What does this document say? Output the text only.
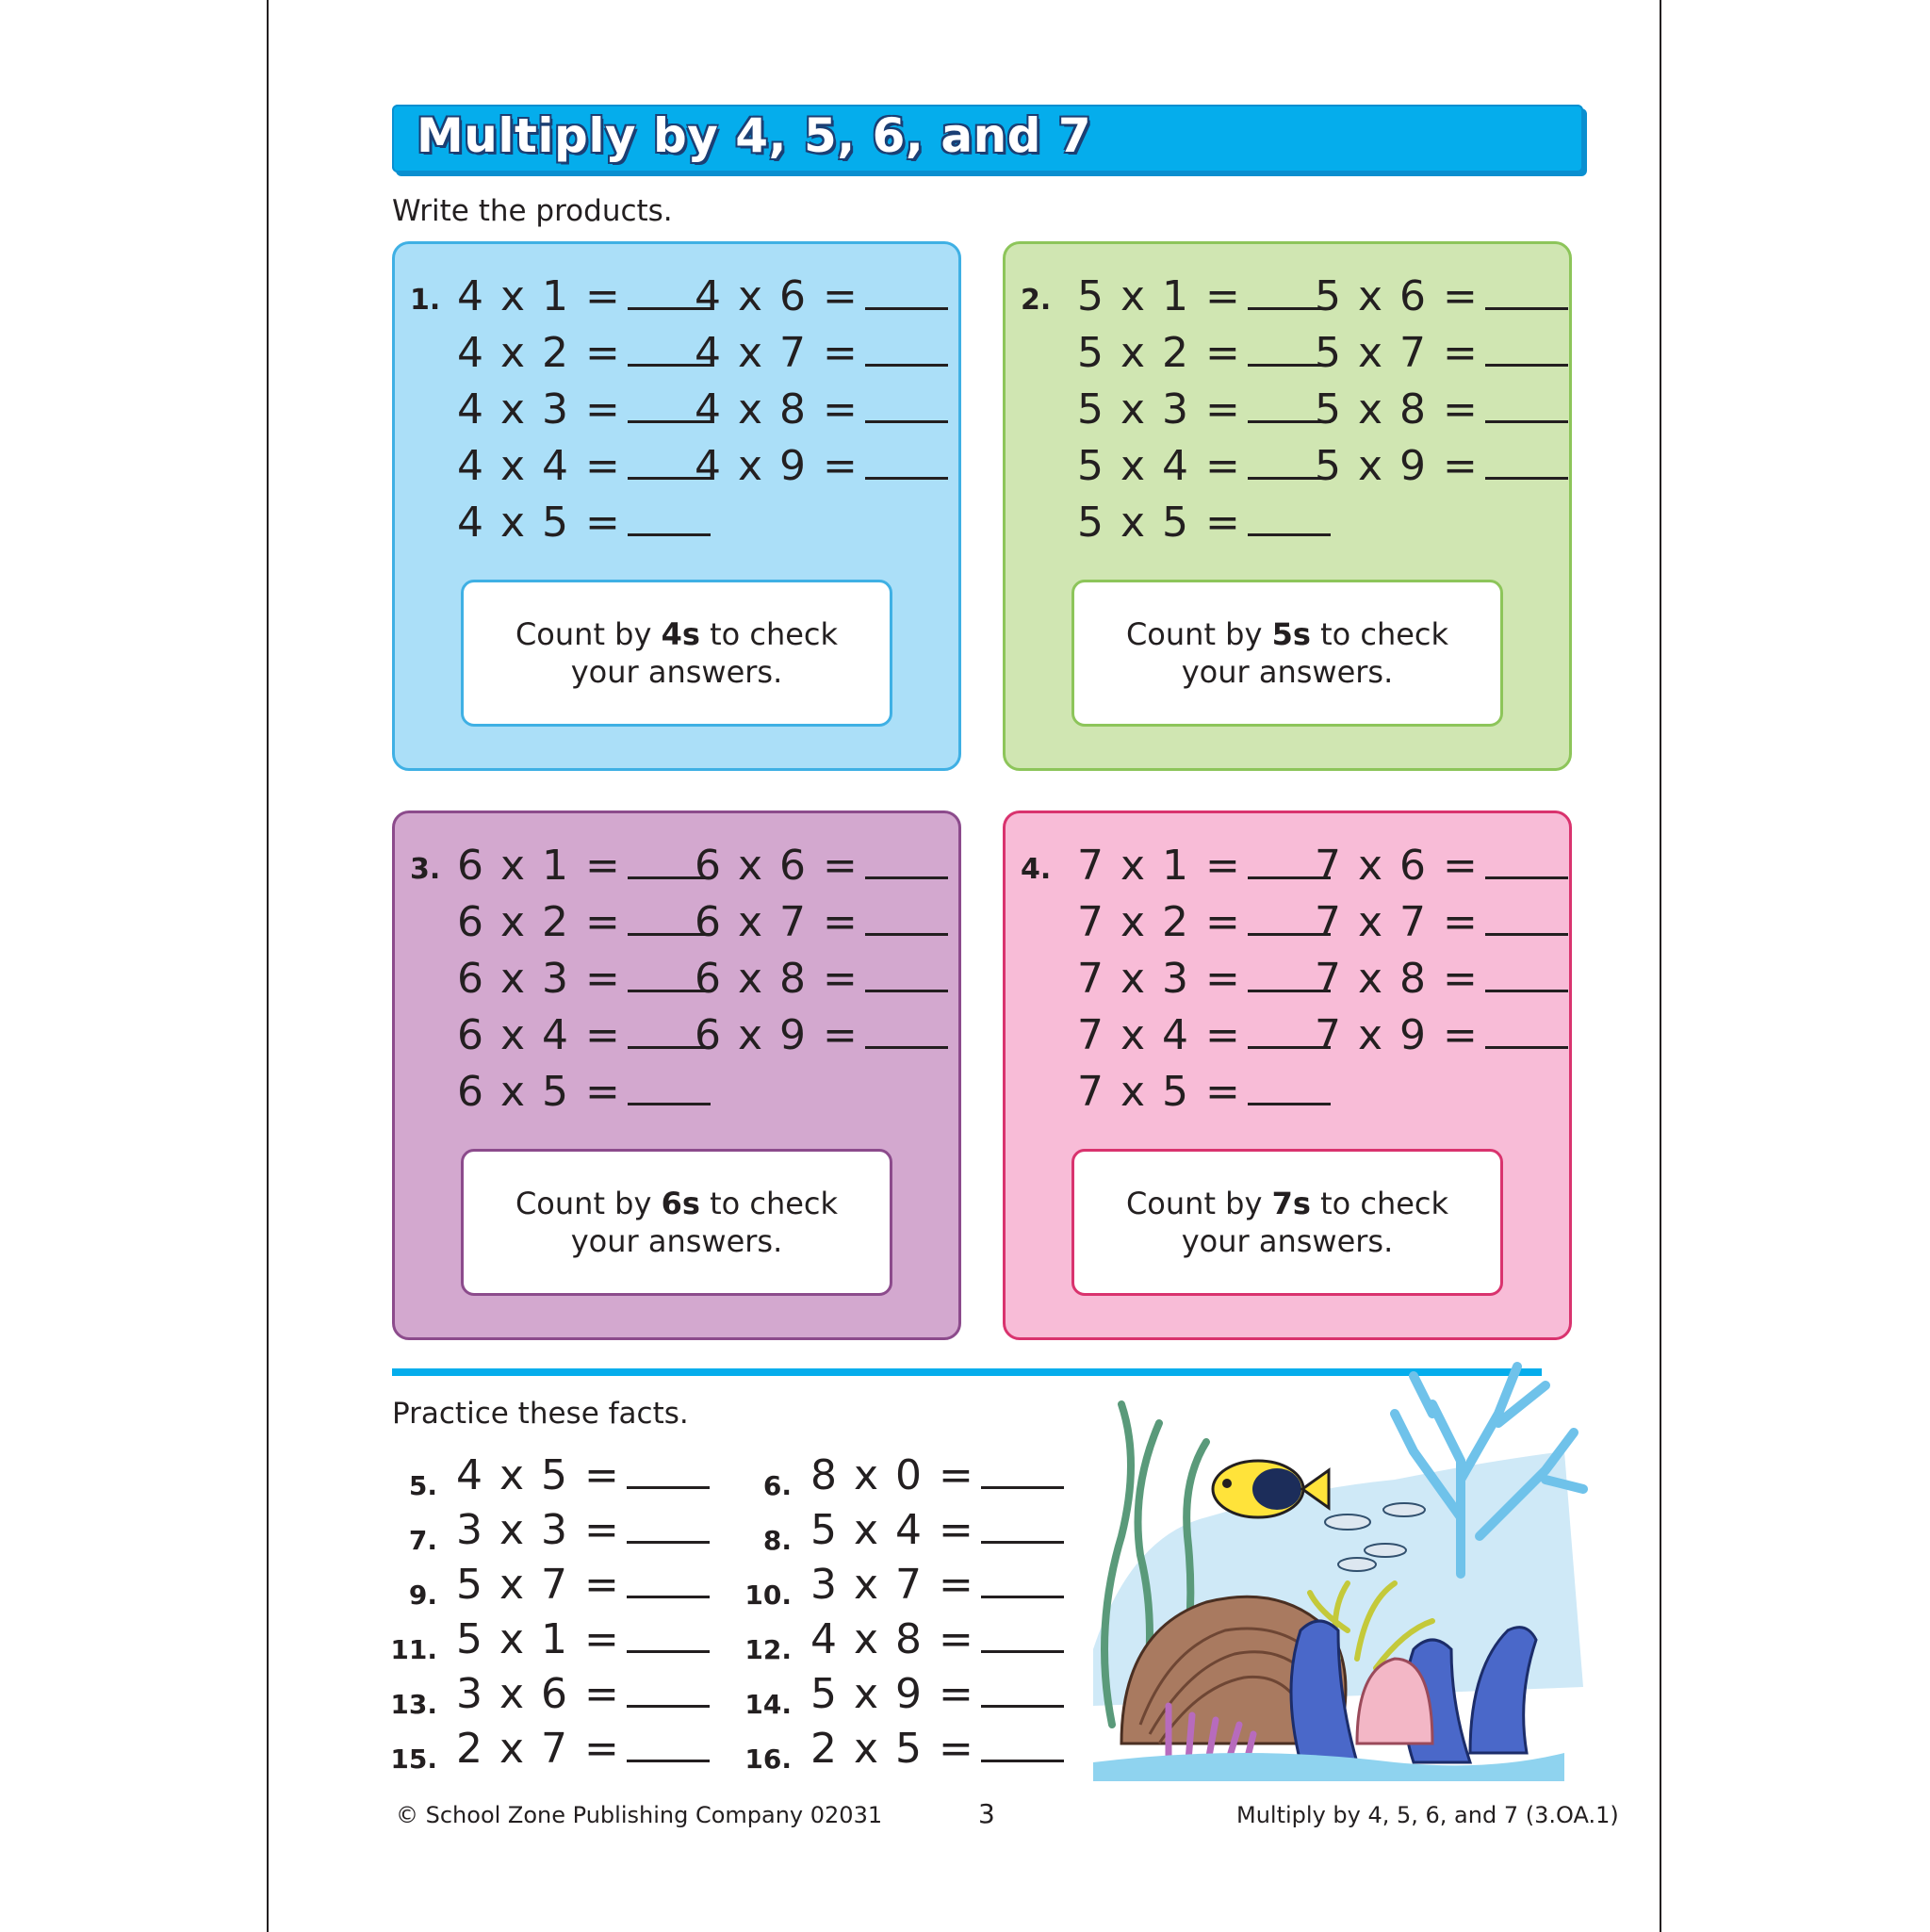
Multiply by 4, 5, 6, and 7
Write the products.
1. 4 x 1 =
4 x 2 =
4 x 3 =
4 x 4 =
4 x 5 =
4 x 6 =
4 x 7 =
4 x 8 =
4 x 9 =
Count by 4s to check
your answers.
2. 5 x 1 =
5 x 2 =
5 x 3 =
5 x 4 =
5 x 5 =
5 x 6 =
5 x 7 =
5 x 8 =
5 x 9 =
Count by 5s to check
your answers.
3. 6 x 1 =
6 x 2 =
6 x 3 =
6 x 4 =
6 x 5 =
6 x 6 =
6 x 7 =
6 x 8 =
6 x 9 =
Count by 6s to check
your answers.
4. 7 x 1 =
7 x 2 =
7 x 3 =
7 x 4 =
7 x 5 =
7 x 6 =
7 x 7 =
7 x 8 =
7 x 9 =
Count by 7s to check
your answers.
Practice these facts.
5. 4 x 5 =
7. 3 x 3 =
9. 5 x 7 =
11. 5 x 1 =
13. 3 x 6 =
15. 2 x 7 =
6. 8 x 0 =
8. 5 x 4 =
10. 3 x 7 =
12. 4 x 8 =
14. 5 x 9 =
16. 2 x 5 =
© School Zone Publishing Company 02031	3	Multiply by 4, 5, 6, and 7 (3.OA.1)
